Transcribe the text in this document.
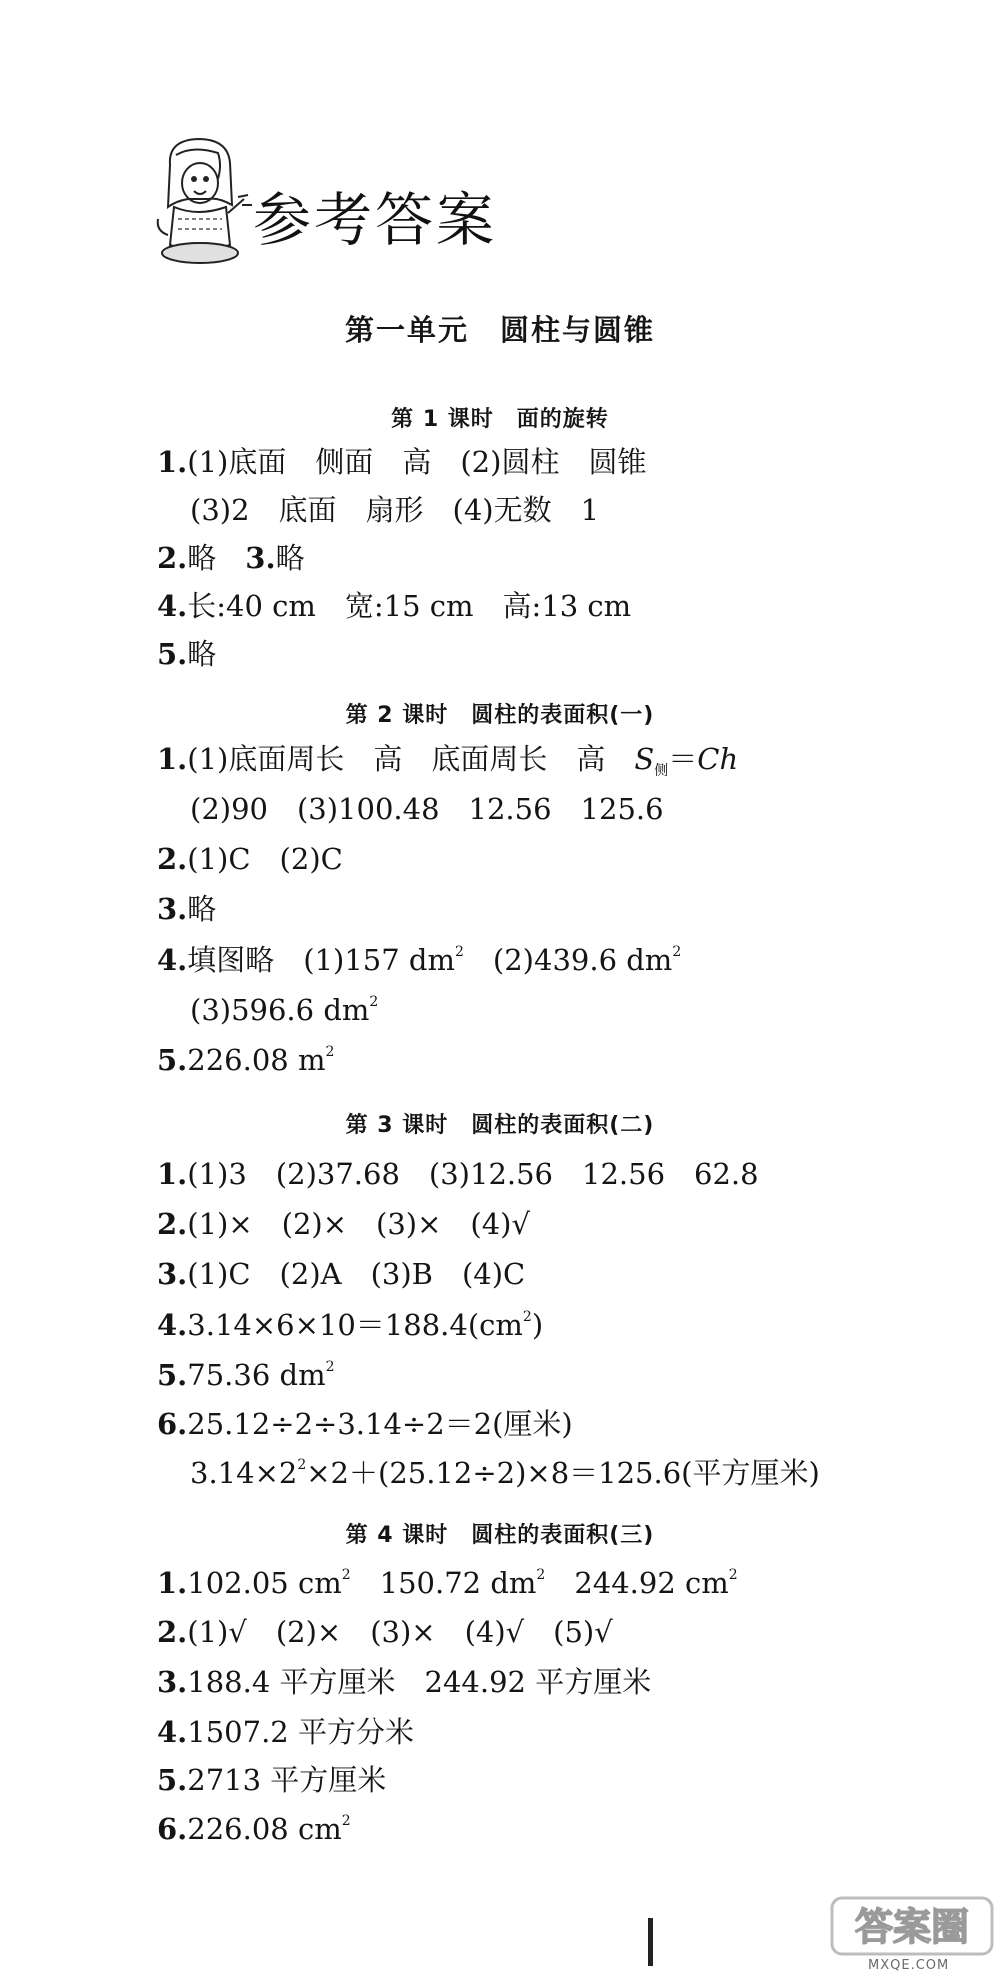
参考答案
第一单元　圆柱与圆锥
第 1 课时　面的旋转
1.(1)底面　侧面　高　(2)圆柱　圆锥
(3)2　底面　扇形　(4)无数　1
2.略　3.略
4.长:40 cm　宽:15 cm　高:13 cm
5.略
第 2 课时　圆柱的表面积(一)
1.(1)底面周长　高　底面周长　高　$S_侧=Ch$
(2)90　(3)100.48　12.56　125.6
2.(1)C　(2)C
3.略
4.填图略　(1)157 $dm^2$　(2)439.6 $dm^2$
(3)596.6 $dm^2$
5.226.08 $m^2$
第 3 课时　圆柱的表面积(二)
1.(1)3　(2)37.68　(3)12.56　12.56　62.8
2.(1)×　(2)×　(3)×　(4)√
3.(1)C　(2)A　(3)B　(4)C
$4.3.14\times 6\times 10=188.4(cm^2)$
5.75.36 $dm^2$
6.25.12÷2÷3.14÷2＝2(厘米)
$3.14\times 2^2\times 2+(25.12\div 2)\times 8=125.6$(平方厘米)
第 4 课时　圆柱的表面积(三)
1.102.05 $cm^2$　150.72 $dm^2$　244.92 $cm^2$
2.(1)√　(2)×　(3)×　(4)√　(5)√
3.188.4 平方厘米　244.92 平方厘米
4.1507.2 平方分米
5.2713 平方厘米
6.226.08 $cm^2$
答案圈
MXQE.COM
